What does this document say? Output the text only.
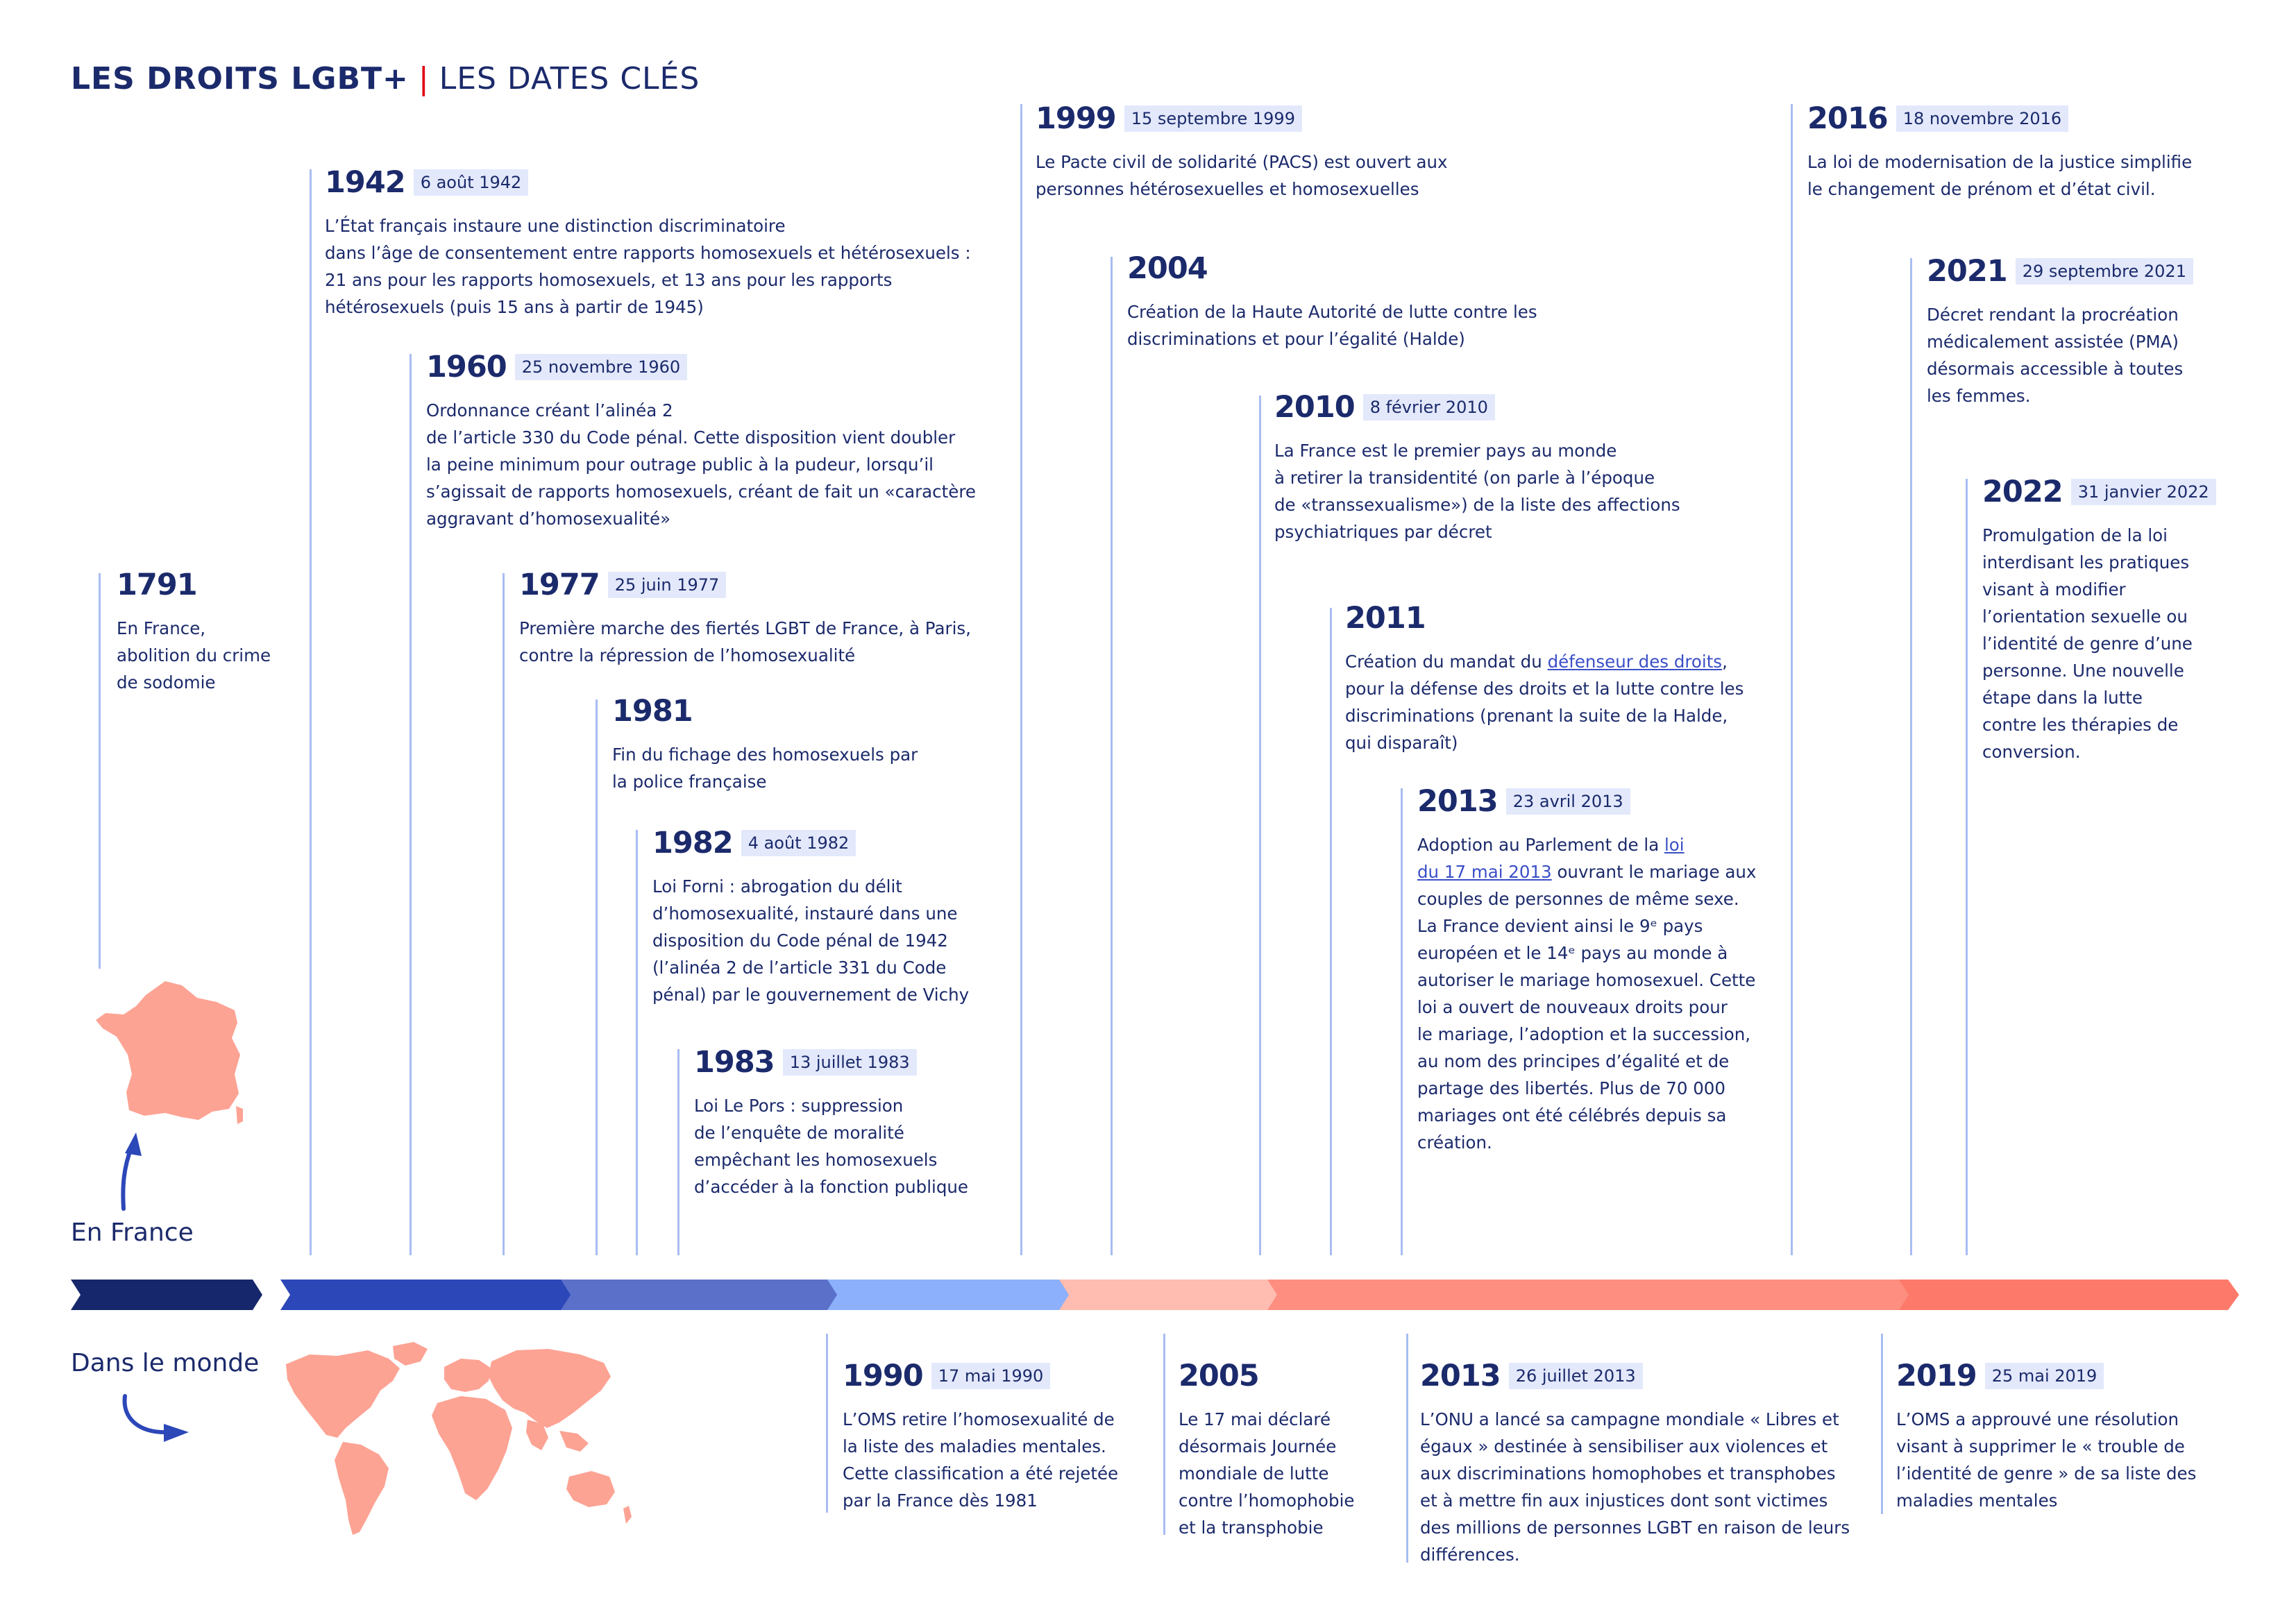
LES DROITS LGBT+ | LES DATES CLÉS
1791
En France,
abolition du crime
de sodomie
1942 6 août 1942
L’État français instaure une distinction discriminatoire
dans l’âge de consentement entre rapports homosexuels et hétérosexuels :
21 ans pour les rapports homosexuels, et 13 ans pour les rapports
hétérosexuels (puis 15 ans à partir de 1945)
1960 25 novembre 1960
Ordonnance créant l’alinéa 2
de l’article 330 du Code pénal. Cette disposition vient doubler
la peine minimum pour outrage public à la pudeur, lorsqu’il
s’agissait de rapports homosexuels, créant de fait un «caractère
aggravant d’homosexualité»
1977 25 juin 1977
Première marche des fiertés LGBT de France, à Paris,
contre la répression de l’homosexualité
1981
Fin du fichage des homosexuels par
la police française
1982 4 août 1982
Loi Forni : abrogation du délit
d’homosexualité, instauré dans une
disposition du Code pénal de 1942
(l’alinéa 2 de l’article 331 du Code
pénal) par le gouvernement de Vichy
1983 13 juillet 1983
Loi Le Pors : suppression
de l’enquête de moralité
empêchant les homosexuels
d’accéder à la fonction publique
1999 15 septembre 1999
Le Pacte civil de solidarité (PACS) est ouvert aux
personnes hétérosexuelles et homosexuelles
2004
Création de la Haute Autorité de lutte contre les
discriminations et pour l’égalité (Halde)
2010 8 février 2010
La France est le premier pays au monde
à retirer la transidentité (on parle à l’époque
de «transsexualisme») de la liste des affections
psychiatriques par décret
2011
Création du mandat du défenseur des droits,
pour la défense des droits et la lutte contre les
discriminations (prenant la suite de la Halde,
qui disparaît)
2013 23 avril 2013
Adoption au Parlement de la loi
du 17 mai 2013 ouvrant le mariage aux
couples de personnes de même sexe.
La France devient ainsi le 9ᵉ pays
européen et le 14ᵉ pays au monde à
autoriser le mariage homosexuel. Cette
loi a ouvert de nouveaux droits pour
le mariage, l’adoption et la succession,
au nom des principes d’égalité et de
partage des libertés. Plus de 70 000
mariages ont été célébrés depuis sa
création.
2016 18 novembre 2016
La loi de modernisation de la justice simplifie
le changement de prénom et d’état civil.
2021 29 septembre 2021
Décret rendant la procréation
médicalement assistée (PMA)
désormais accessible à toutes
les femmes.
2022 31 janvier 2022
Promulgation de la loi
interdisant les pratiques
visant à modifier
l’orientation sexuelle ou
l’identité de genre d’une
personne. Une nouvelle
étape dans la lutte
contre les thérapies de
conversion.
1990 17 mai 1990
L’OMS retire l’homosexualité de
la liste des maladies mentales.
Cette classification a été rejetée
par la France dès 1981
2005
Le 17 mai déclaré
désormais Journée
mondiale de lutte
contre l’homophobie
et la transphobie
2013 26 juillet 2013
L’ONU a lancé sa campagne mondiale « Libres et
égaux » destinée à sensibiliser aux violences et
aux discriminations homophobes et transphobes
et à mettre fin aux injustices dont sont victimes
des millions de personnes LGBT en raison de leurs
différences.
2019 25 mai 2019
L’OMS a approuvé une résolution
visant à supprimer le « trouble de
l’identité de genre » de sa liste des
maladies mentales
En France
Dans le monde
